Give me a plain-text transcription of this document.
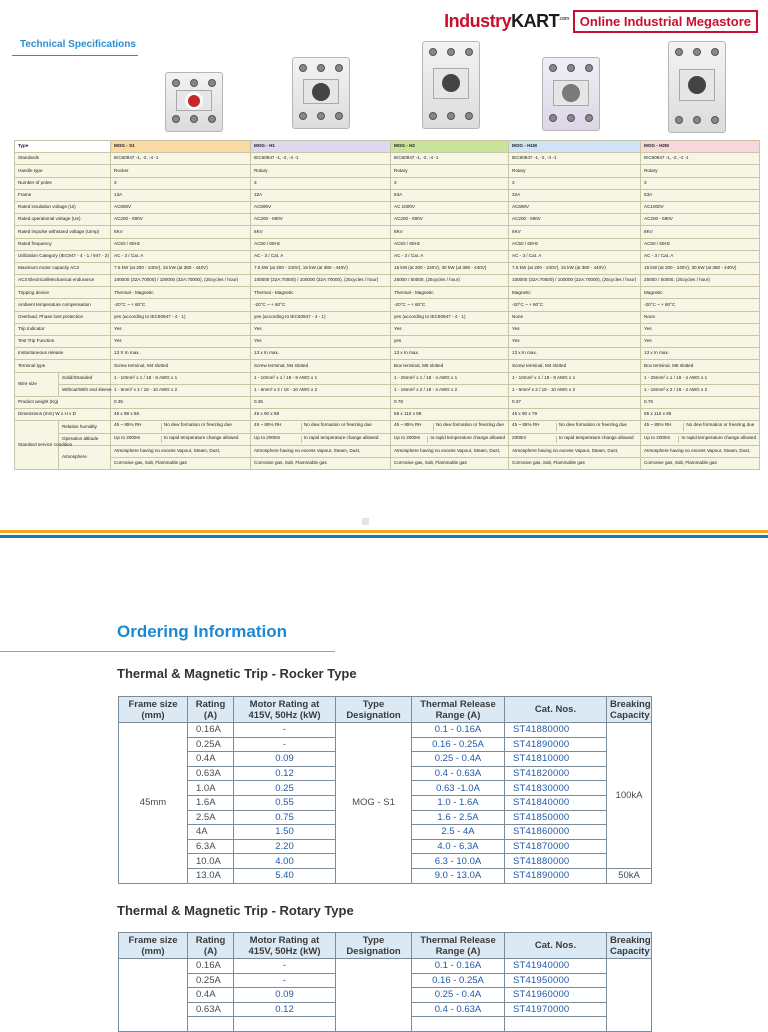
IndustryKART$^{.com}$ Online Industrial Megastore
Technical Specifications
Type		MOG - S1	MOG - H1	MOG - H2	MOG - H1M	MOG - H2M
Standards		IEC60947 -1, -2, -4 -1	IEC60947 -1, -2, -4 -1	IEC60947 -1, -2, -4 -1	IEC60947 -1, -2, -4 -1	IEC60947 -1, -2, -4 -1
Handle type		Rocker	Rotary	Rotary	Rotary	Rotary
Number of poles		3	3	3	3	3
Frame		13A	32A	63A	32A	63A
Rated insulation voltage (Ui)		AC690V	AC690V	AC 1000V	AC690V	AC1000V
Rated operational voltage (Ue)		AC200 - 690V	AC200 - 690V	AC200 - 690V	AC200 - 690V	AC200 - 690V
Rated impulse withstand voltage (Uimp)		6KV	6KV	8KV	6KV	8KV
Rated frequency		AC50 / 60Hz	AC50 / 60Hz	AC50 / 60Hz	AC50 / 60Hz	AC50 / 60Hz
Utilization Category (IEC947 - 4 - 1 / 947 - 2)		AC - 3 / Cat. A	AC - 3 / Cat. A	AC - 3 / Cat. A	AC - 3 / Cat. A	AC - 3 / Cat. A
Maximum motor capacity AC3		7.5 kW (at 200 - 240V), 15 kW (at 380 - 440V)	7.5 kW (at 200 - 240V), 15 kW (at 380 - 440V)	15 kW (at 200 - 240V), 30 kW (at 380 - 440V)	7.5 kW (at 200 - 240V), 15 kW (at 380 - 440V)	15 kW (at 200 - 240V), 30 kW (at 380 - 440V)
AC3 Electrical/Mechanical endurance		100000 (32A:70000) / 100000 (32A:70000), (25cycles / hour)	100000 (32A:70000) / 100000 (32A:70000), (25cycles / hour)	25000 / 50000, (25cycles / hour)	100000 (32A:70000) / 100000 (32A:70000), (25cycles / hour)	25000 / 50000, (25cycles / hour)
Tripping device		Thermal - Magnetic	Thermal - Magnetic	Thermal - Magnetic	Magnetic	Magnetic
Ambient temperature compensation		-20°C ~ + 60°C	-20°C ~ + 60°C	-20°C ~ + 60°C	-20°C ~ + 60°C	-20°C ~ + 60°C
Overload, Phase loss protection		yes (according to IEC60947 - 4 - 1)	yes (according to IEC60947 - 4 - 1)	yes (according to IEC60947 - 4 - 1)	None	None
Trip Indicator		Yes	Yes	Yes	Yes	Yes
Test Trip Function		Yes	Yes	yes	Yes	Yes
Instantaneous release		13 X In max.	13 x In max.	13 x In max.	13 x In max.	13 x In max.
Terminal type		Screw terminal, M4 slotted	Screw terminal, M4 slotted	Box terminal, M6 slotted	Screw terminal, M4 slotted	Box terminal, M6 slotted
Wire size	Solid/Stranded	1 - 10mm² x 1 / 18 - 8 AWG x 1	1 - 10mm² x 1 / 18 - 8 AWG x 1	1 - 25mm² x 1 / 18 - 4 AWG x 1	1 - 10mm² x 1 / 18 - 8 AWG x 1	1 - 25mm² x 1 / 18 - 4 AWG x 1
	Without/With end sleeve	1 - 6mm² x 2 / 18 - 10 AWG x 2	1 - 6mm² x 2 / 18 - 10 AWG x 2	1 - 16mm² x 2 / 18 - 4 AWG x 2	1 - 6mm² x 2 / 18 - 10 AWG x 2	1 - 16mm² x 2 / 18 - 4 AWG x 2
Product weight (Kg)		0.35	0.35	0.78	0.37	0.76
Dimensions (mm) W x H x D		45 x 98 x 66	45 x 90 x 98	55 x 110 x 98	45 x 90 x 79	55 x 110 x 96
Standard service condition	Relative humidity	45 ~ 85% RH No dew formation or freezing due	45 ~ 85% RH No dew formation or freezing due	45 ~ 85% RH No dew formation or freezing due	45 ~ 85% RH No dew formation or freezing due	45 ~ 85% RH No dew formation or freezing due

	Operation altitude	Up to 2000m to rapid temperature change allowed	Up to 2000m to rapid temperature change allowed	Up to 2000m to rapid temperature change allowed	2000m to rapid temperature change allowed	Up to 2000m to rapid temperature change allowed

	Atmosphere	Atmosphere having no excess Vapour, Steam, Dust,	Atmosphere having no excess Vapour, Steam, Dust,	Atmosphere having no excess Vapour, Steam, Dust,	Atmosphere having no excess Vapour, Steam, Dust,	Atmosphere having no excess Vapour, Steam, Dust,
		Corrosive gas, Salt, Flammable gas	Corrosive gas, Salt, Flammable gas	Corrosive gas, Salt, Flammable gas	Corrosive gas, Salt, Flammable gas	Corrosive gas, Salt, Flammable gas
Ordering Information
Thermal & Magnetic Trip - Rocker Type
Frame size (mm)	Rating (A)	Motor Rating at 415V, 50Hz (kW)	Type Designation	Thermal Release Range (A)	Cat. Nos.	Breaking Capacity
45mm	0.16A	-	MOG - S1	0.1 - 0.16A	ST41880000	100kA
	0.25A	-		0.16 - 0.25A	ST41890000	
	0.4A	0.09		0.25 - 0.4A	ST41810000	
	0.63A	0.12		0.4 - 0.63A	ST41820000	
	1.0A	0.25		0.63 -1.0A	ST41830000	
	1.6A	0.55		1.0 - 1.6A	ST41840000	
	2.5A	0.75		1.6 - 2.5A	ST41850000	
	4A	1.50		2.5 - 4A	ST41860000	
	6.3A	2.20		4.0 - 6.3A	ST41870000	
	10.0A	4.00		6.3 - 10.0A	ST41880000	
	13.0A	5.40		9.0 - 13.0A	ST41890000	50kA
Thermal & Magnetic Trip - Rotary Type
Frame size (mm)	Rating (A)	Motor Rating at 415V, 50Hz (kW)	Type Designation	Thermal Release Range (A)	Cat. Nos.	Breaking Capacity
	0.16A	-		0.1 - 0.16A	ST41940000	
	0.25A	-		0.16 - 0.25A	ST41950000	
	0.4A	0.09		0.25 - 0.4A	ST41960000	
	0.63A	0.12		0.4 - 0.63A	ST41970000	
